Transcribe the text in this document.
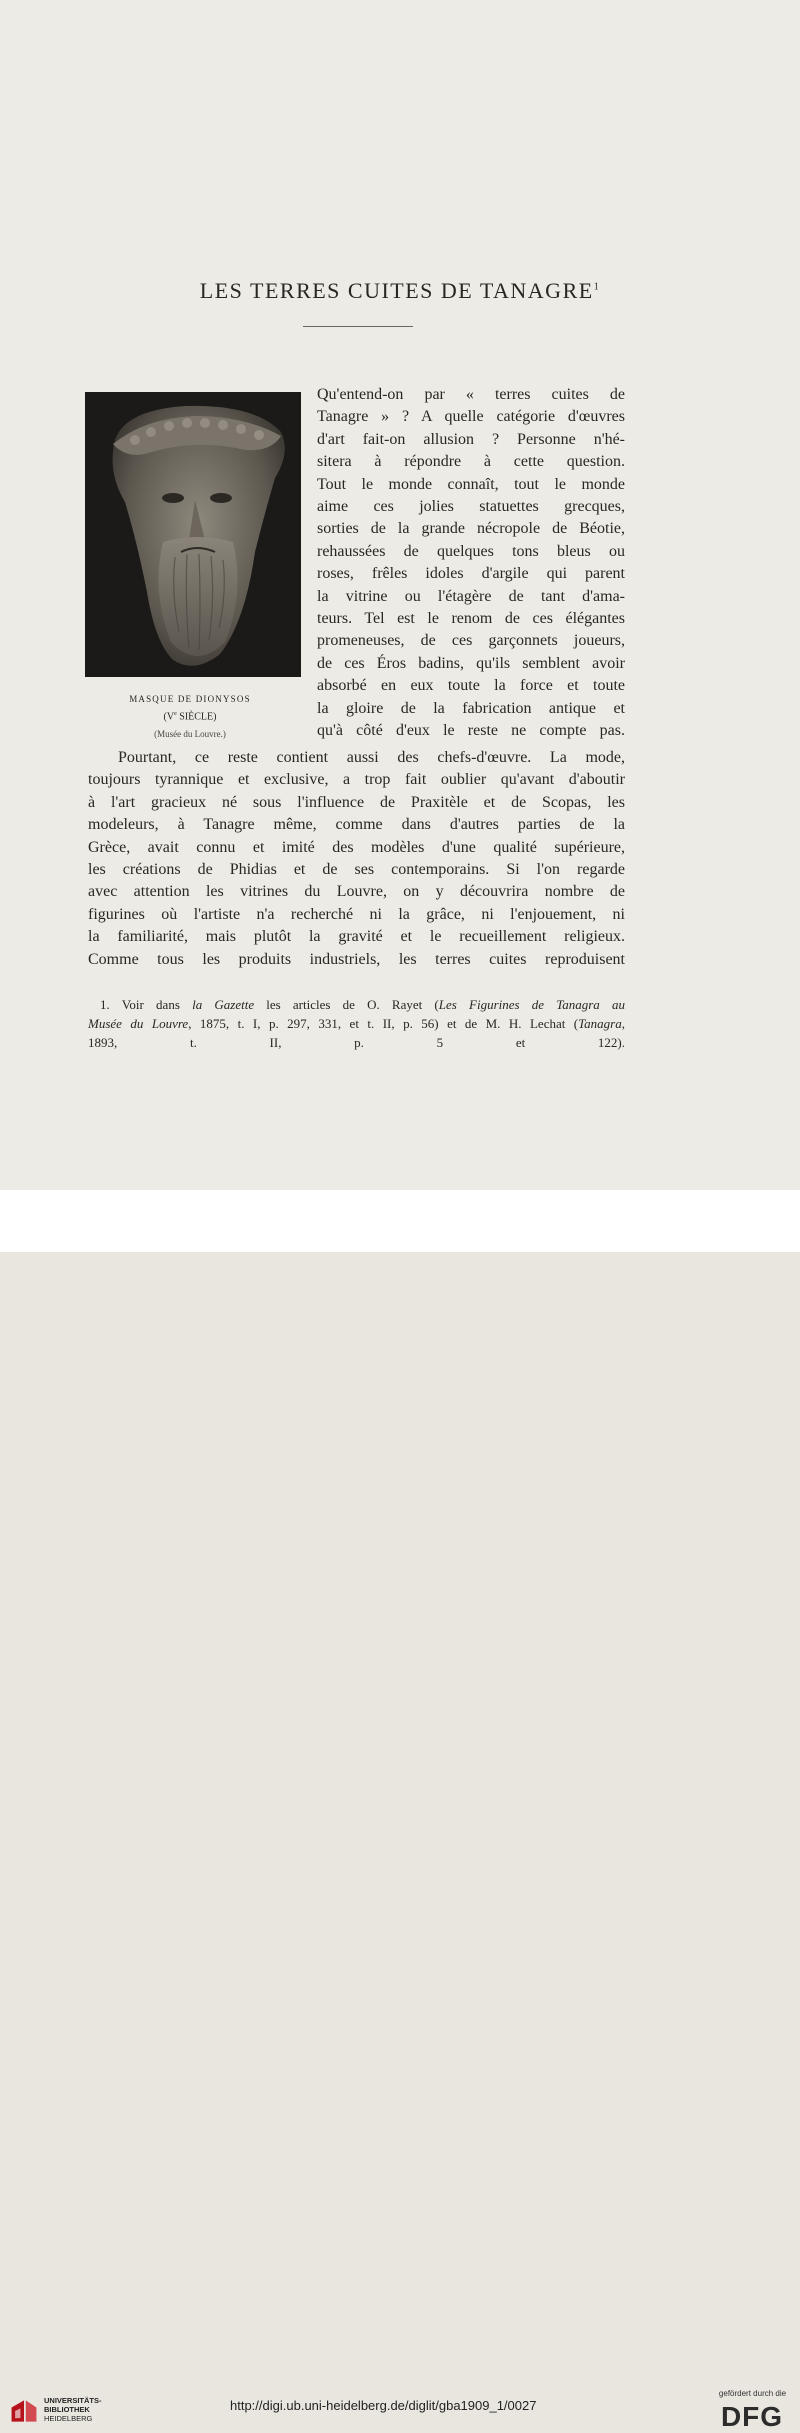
LES TERRES CUITES DE TANAGRE$^1$
MASQUE DE DIONYSOS
(Ve SIÈCLE)
(Musée du Louvre.)
Qu'entend-on par « terres cuites de
Tanagre » ? A quelle catégorie d'œuvres
d'art fait-on allusion ? Personne n'hé-
sitera à répondre à cette question.
Tout le monde connaît, tout le monde
aime ces jolies statuettes grecques,
sorties de la grande nécropole de Béotie,
rehaussées de quelques tons bleus ou
roses, frêles idoles d'argile qui parent
la vitrine ou l'étagère de tant d'ama-
teurs. Tel est le renom de ces élégantes
promeneuses, de ces garçonnets joueurs,
de ces Éros badins, qu'ils semblent avoir
absorbé en eux toute la force et toute
la gloire de la fabrication antique et
qu'à côté d'eux le reste ne compte pas.
Pourtant, ce reste contient aussi des chefs-d'œuvre. La mode,
toujours tyrannique et exclusive, a trop fait oublier qu'avant d'aboutir
à l'art gracieux né sous l'influence de Praxitèle et de Scopas, les
modeleurs, à Tanagre même, comme dans d'autres parties de la
Grèce, avait connu et imité des modèles d'une qualité supérieure,
les créations de Phidias et de ses contemporains. Si l'on regarde
avec attention les vitrines du Louvre, on y découvrira nombre de
figurines où l'artiste n'a recherché ni la grâce, ni l'enjouement, ni
la familiarité, mais plutôt la gravité et le recueillement religieux.
Comme tous les produits industriels, les terres cuites reproduisent
1. Voir dans la Gazette les articles de O. Rayet (Les Figurines de Tanagra au
Musée du Louvre, 1875, t. I, p. 297, 331, et t. II, p. 56) et de M. H. Lechat (Tanagra,
1893, t. II, p. 5 et 122).
UNIVERSITÄTS-
BIBLIOTHEK
HEIDELBERG
http://digi.ub.uni-heidelberg.de/diglit/gba1909_1/0027
gefördert durch die
DFG
